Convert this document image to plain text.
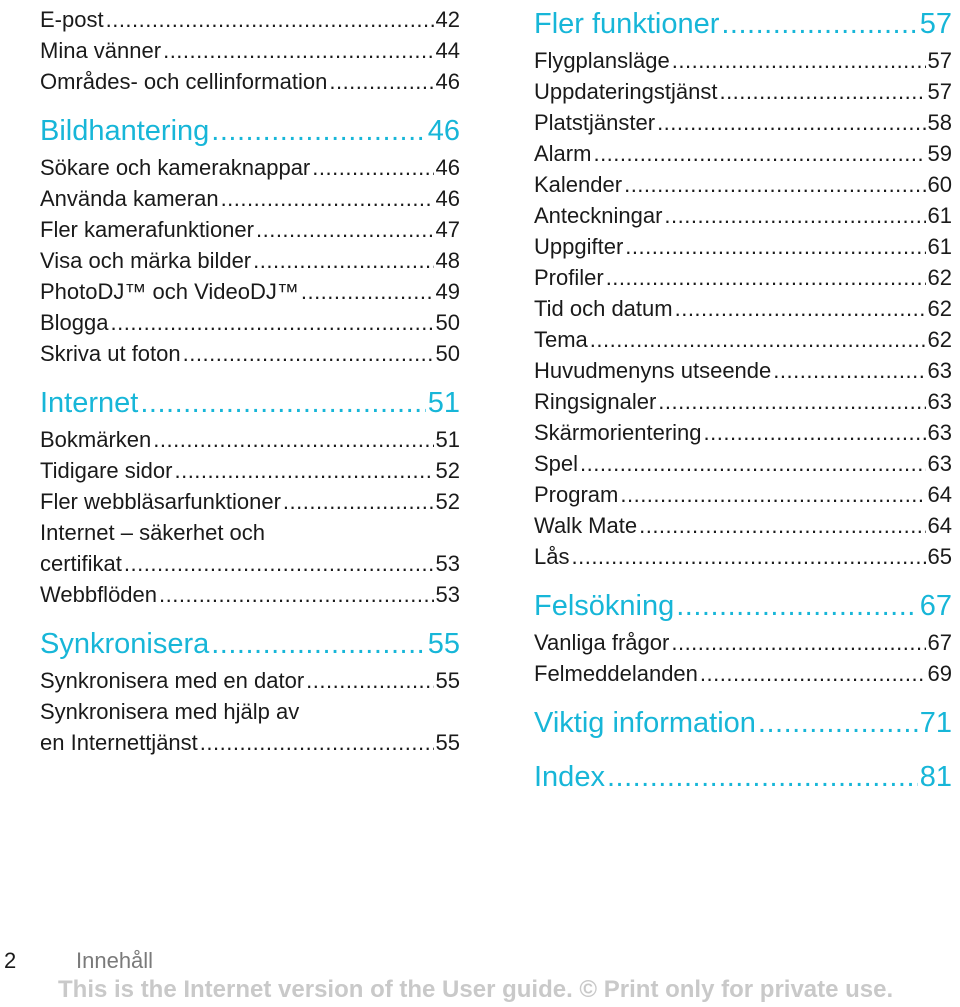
E-post .....	42
Mina vänner .....	44
Områdes- och cellinformation .....	46
Bildhantering .....	46
Sökare och kameraknappar .....	46
Använda kameran .....	46
Fler kamerafunktioner .....	47
Visa och märka bilder .....	48
PhotoDJ™ och VideoDJ™ .....	49
Blogga .....	50
Skriva ut foton .....	50
Internet .....	51
Bokmärken .....	51
Tidigare sidor .....	52
Fler webbläsarfunktioner .....	52
Internet – säkerhet och
certifikat .....	53
Webbflöden .....	53
Synkronisera .....	55
Synkronisera med en dator .....	55
Synkronisera med hjälp av
en Internettjänst .....	55
Fler funktioner .....	57
Flygplansläge .....	57
Uppdateringstjänst .....	57
Platstjänster .....	58
Alarm .....	59
Kalender .....	60
Anteckningar .....	61
Uppgifter .....	61
Profiler .....	62
Tid och datum .....	62
Tema .....	62
Huvudmenyns utseende .....	63
Ringsignaler .....	63
Skärmorientering .....	63
Spel .....	63
Program .....	64
Walk Mate .....	64
Lås .....	65
Felsökning .....	67
Vanliga frågor .....	67
Felmeddelanden .....	69
Viktig information .....	71
Index .....	81
2	Innehåll
This is the Internet version of the User guide. © Print only for private use.
